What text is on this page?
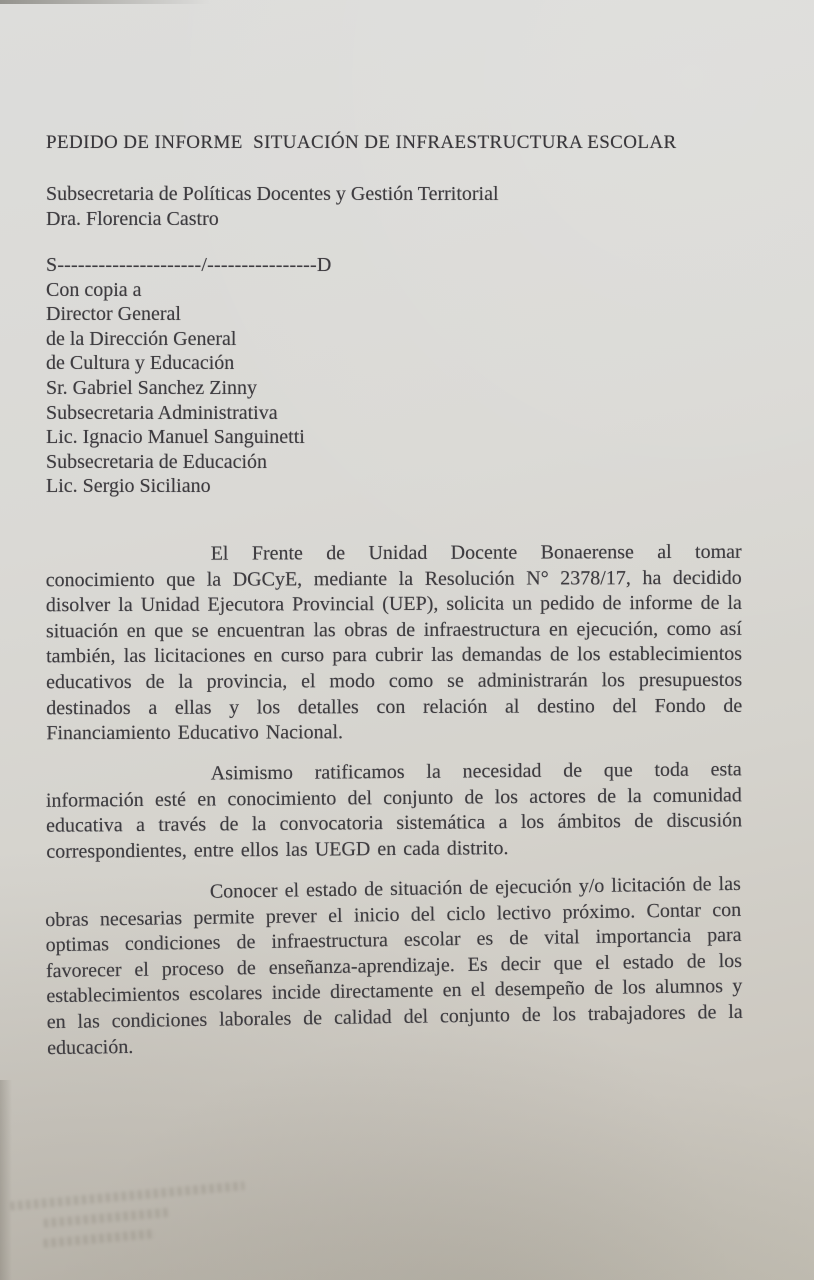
PEDIDO DE INFORME  SITUACIÓN DE INFRAESTRUCTURA ESCOLAR

Subsecretaria de Políticas Docentes y Gestión Territorial

Dra. Florencia Castro

S---------------------/----------------D

Con copia a

Director General

de la Dirección General

de Cultura y Educación

Sr. Gabriel Sanchez Zinny

Subsecretaria Administrativa

Lic. Ignacio Manuel Sanguinetti

Subsecretaria de Educación

Lic. Sergio Siciliano

El Frente de Unidad Docente Bonaerense al tomar conocimiento que la DGCyE, mediante la Resolución N° 2378/17, ha decidido disolver la Unidad Ejecutora Provincial (UEP), solicita un pedido de informe de la situación en que se encuentran las obras de infraestructura en ejecución, como así también, las licitaciones en curso para cubrir las demandas de los establecimientos educativos de la provincia, el modo como se administrarán los presupuestos destinados a ellas y los detalles con relación al destino del Fondo de Financiamiento Educativo Nacional.

Asimismo ratificamos la necesidad de que toda esta información esté en conocimiento del conjunto de los actores de la comunidad educativa a través de la convocatoria sistemática a los ámbitos de discusión correspondientes, entre ellos las UEGD en cada distrito.

Conocer el estado de situación de ejecución y/o licitación de las obras necesarias permite prever el inicio del ciclo lectivo próximo. Contar con optimas condiciones de infraestructura escolar es de vital importancia para favorecer el proceso de enseñanza-aprendizaje. Es decir que el estado de los establecimientos escolares incide directamente en el desempeño de los alumnos y en las condiciones laborales de calidad del conjunto de los trabajadores de la educación.
